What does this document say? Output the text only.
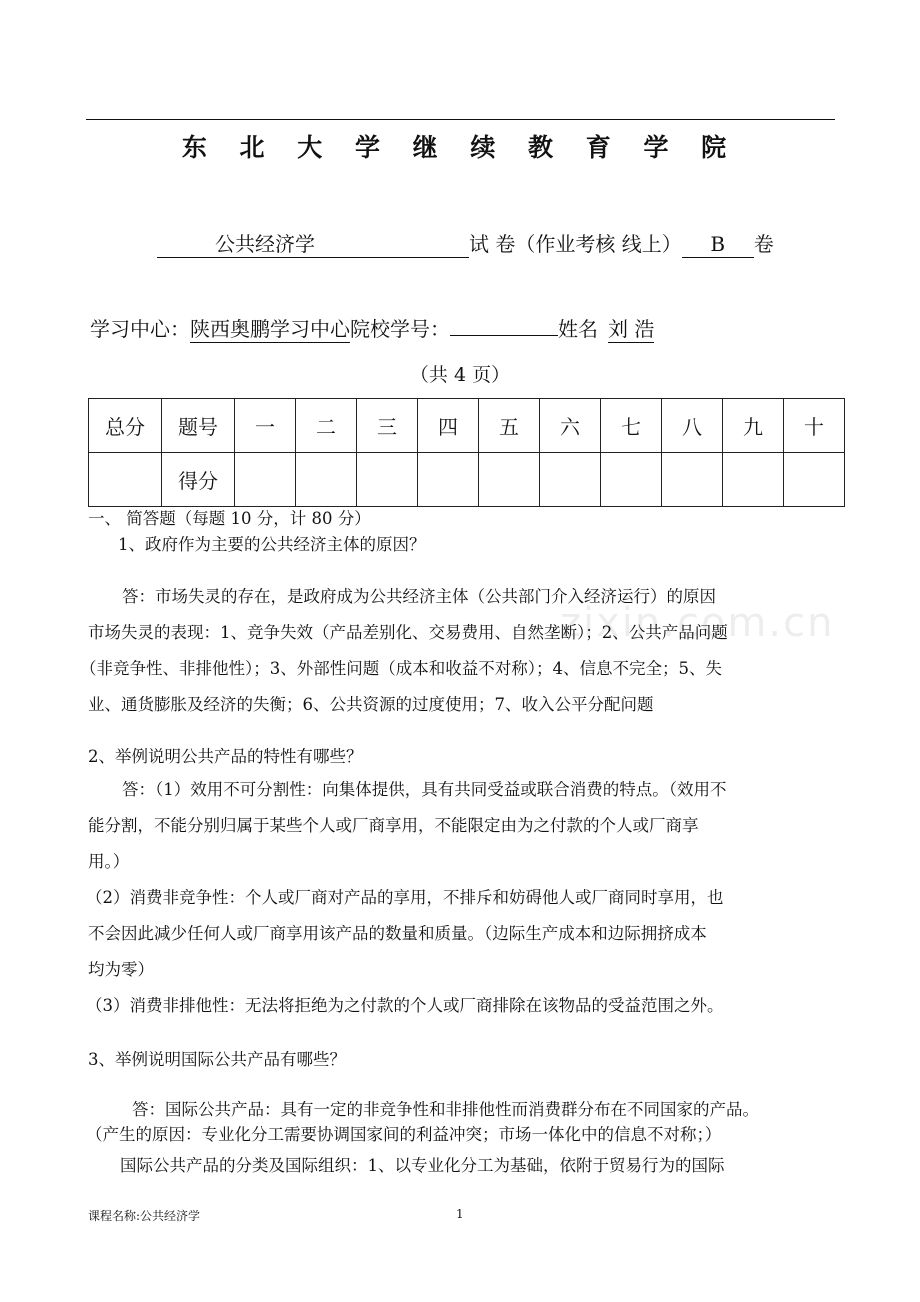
东 北 大 学 继 续 教 育 学 院
公共经济学	试 卷（作业考核 线上）	B	卷
学习中心： 陕西奥鹏学习中心 院校学号：	姓名 刘 浩
（共 4 页）
总分	题号	一	二	三	四	五	六	七	八	九	十
	得分										
一、 简答题（每题 10 分，计 80 分）
1、政府作为主要的公共经济主体的原因？
答：市场失灵的存在，是政府成为公共经济主体（公共部门介入经济运行）的原因
市场失灵的表现：1、竞争失效（产品差别化、交易费用、自然垄断）；2、公共产品问题
（非竞争性、非排他性）；3、外部性问题（成本和收益不对称）；4、信息不完全；5、失
业、通货膨胀及经济的失衡；6、公共资源的过度使用；7、收入公平分配问题
2、举例说明公共产品的特性有哪些？
答：（1）效用不可分割性：向集体提供，具有共同受益或联合消费的特点。（效用不
能分割，不能分别归属于某些个人或厂商享用，不能限定由为之付款的个人或厂商享
用。）
（2）消费非竞争性：个人或厂商对产品的享用，不排斥和妨碍他人或厂商同时享用，也
不会因此减少任何人或厂商享用该产品的数量和质量。（边际生产成本和边际拥挤成本
均为零）
（3）消费非排他性：无法将拒绝为之付款的个人或厂商排除在该物品的受益范围之外。
3、举例说明国际公共产品有哪些？
答：国际公共产品：具有一定的非竞争性和非排他性而消费群分布在不同国家的产品。
（产生的原因：专业化分工需要协调国家间的利益冲突；市场一体化中的信息不对称；）
国际公共产品的分类及国际组织：1、以专业化分工为基础，依附于贸易行为的国际
zixin.com.cn
课程名称:公共经济学	1
